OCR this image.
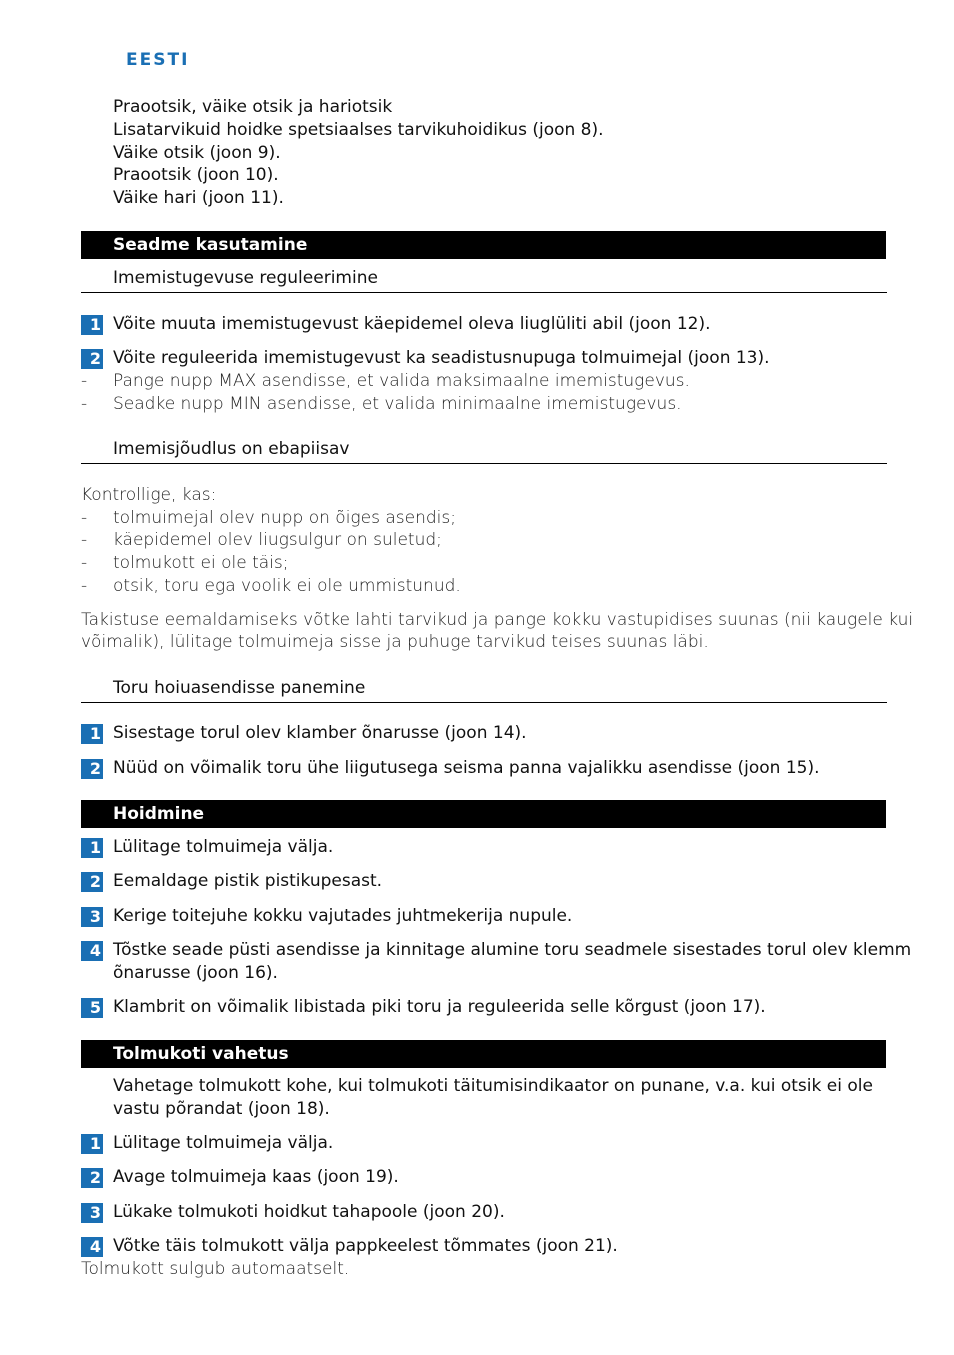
EESTI
Praootsik, väike otsik ja hariotsik
Lisatarvikuid hoidke spetsiaalses tarvikuhoidikus (joon 8).
Väike otsik (joon 9).
Praootsik (joon 10).
Väike hari (joon 11).
Seadme kasutamine
Imemistugevuse reguleerimine
1 Võite muuta imemistugevust käepidemel oleva liuglüliti abil (joon 12).
2 Võite reguleerida imemistugevust ka seadistusnupuga tolmuimejal (joon 13).
- Pange nupp MAX asendisse, et valida maksimaalne imemistugevus.
- Seadke nupp MIN asendisse, et valida minimaalne imemistugevus.
Imemisjõudlus on ebapiisav
Kontrollige, kas:
- tolmuimejal olev nupp on õiges asendis;
- käepidemel olev liugsulgur on suletud;
- tolmukott ei ole täis;
- otsik, toru ega voolik ei ole ummistunud.
Takistuse eemaldamiseks võtke lahti tarvikud ja pange kokku vastupidises suunas (nii kaugele kui
võimalik), lülitage tolmuimeja sisse ja puhuge tarvikud teises suunas läbi.
Toru hoiuasendisse panemine
1 Sisestage torul olev klamber õnarusse (joon 14).
2 Nüüd on võimalik toru ühe liigutusega seisma panna vajalikku asendisse (joon 15).
Hoidmine
1 Lülitage tolmuimeja välja.
2 Eemaldage pistik pistikupesast.
3 Kerige toitejuhe kokku vajutades juhtmekerija nupule.
4 Tõstke seade püsti asendisse ja kinnitage alumine toru seadmele sisestades torul olev klemm
õnarusse (joon 16).
5 Klambrit on võimalik libistada piki toru ja reguleerida selle kõrgust (joon 17).
Tolmukoti vahetus
Vahetage tolmukott kohe, kui tolmukoti täitumisindikaator on punane, v.a. kui otsik ei ole
vastu põrandat (joon 18).
1 Lülitage tolmuimeja välja.
2 Avage tolmuimeja kaas (joon 19).
3 Lükake tolmukoti hoidkut tahapoole (joon 20).
4 Võtke täis tolmukott välja pappkeelest tõmmates (joon 21).
Tolmukott sulgub automaatselt.
